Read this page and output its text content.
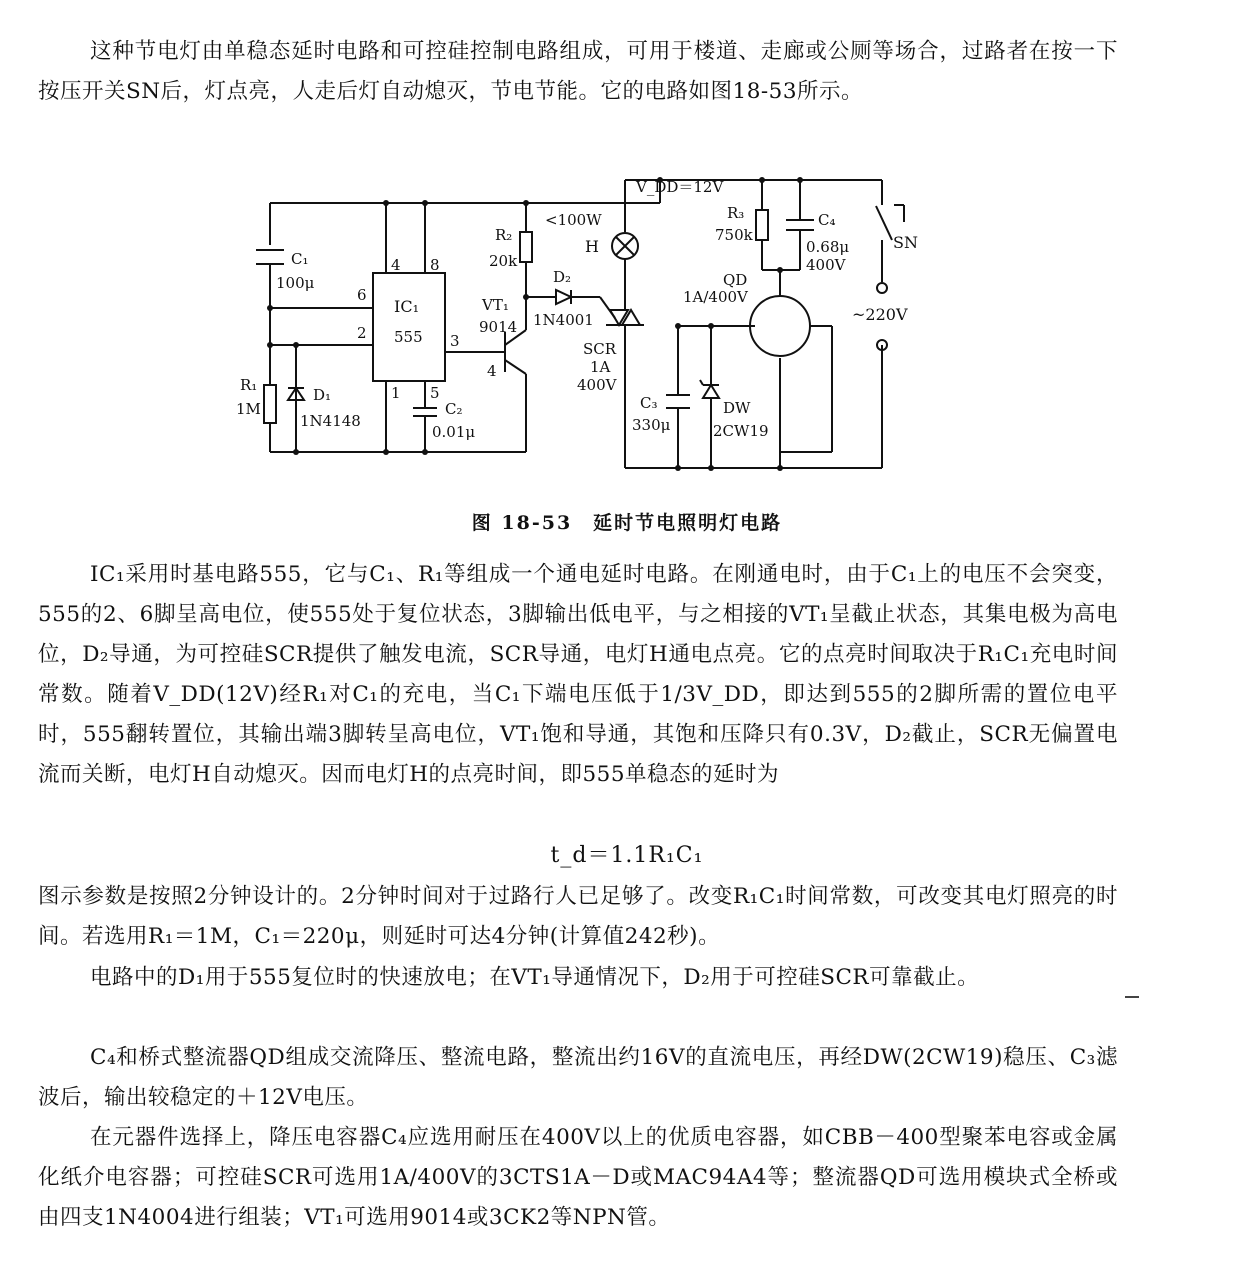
这种节电灯由单稳态延时电路和可控硅控制电路组成，可用于楼道、走廊或公厕等场合，过路者在按一下按压开关SN后，灯点亮，人走后灯自动熄灭，节电节能。它的电路如图18-53所示。

V_DD＝12V
<100W
H
R₂
20k
D₂
1N4001
VT₁
9014
SCR
1A
400V
R₃
750k
C₄
0.68μ
400V
QD
1A/400V
SN
~220V
C₁
100μ
IC₁
555
4 8
6
2	3
1 5
R₁
1M
D₁
1N4148
C₂
0.01μ
C₃
330μ
DW
2CW19
4
图 18-53　延时节电照明灯电路

IC₁采用时基电路555，它与C₁、R₁等组成一个通电延时电路。在刚通电时，由于C₁上的电压不会突变，555的2、6脚呈高电位，使555处于复位状态，3脚输出低电平，与之相接的VT₁呈截止状态，其集电极为高电位，D₂导通，为可控硅SCR提供了触发电流，SCR导通，电灯H通电点亮。它的点亮时间取决于R₁C₁充电时间常数。随着V_DD(12V)经R₁对C₁的充电，当C₁下端电压低于1/3V_DD，即达到555的2脚所需的置位电平时，555翻转置位，其输出端3脚转呈高电位，VT₁饱和导通，其饱和压降只有0.3V，D₂截止，SCR无偏置电流而关断，电灯H自动熄灭。因而电灯H的点亮时间，即555单稳态的延时为

t_d＝1.1R₁C₁

图示参数是按照2分钟设计的。2分钟时间对于过路行人已足够了。改变R₁C₁时间常数，可改变其电灯照亮的时间。若选用R₁＝1M，C₁＝220μ，则延时可达4分钟(计算值242秒)。

电路中的D₁用于555复位时的快速放电；在VT₁导通情况下，D₂用于可控硅SCR可靠截止。

C₄和桥式整流器QD组成交流降压、整流电路，整流出约16V的直流电压，再经DW(2CW19)稳压、C₃滤波后，输出较稳定的＋12V电压。

在元器件选择上，降压电容器C₄应选用耐压在400V以上的优质电容器，如CBB－400型聚苯电容或金属化纸介电容器；可控硅SCR可选用1A/400V的3CTS1A－D或MAC94A4等；整流器QD可选用模块式全桥或由四支1N4004进行组装；VT₁可选用9014或3CK2等NPN管。
